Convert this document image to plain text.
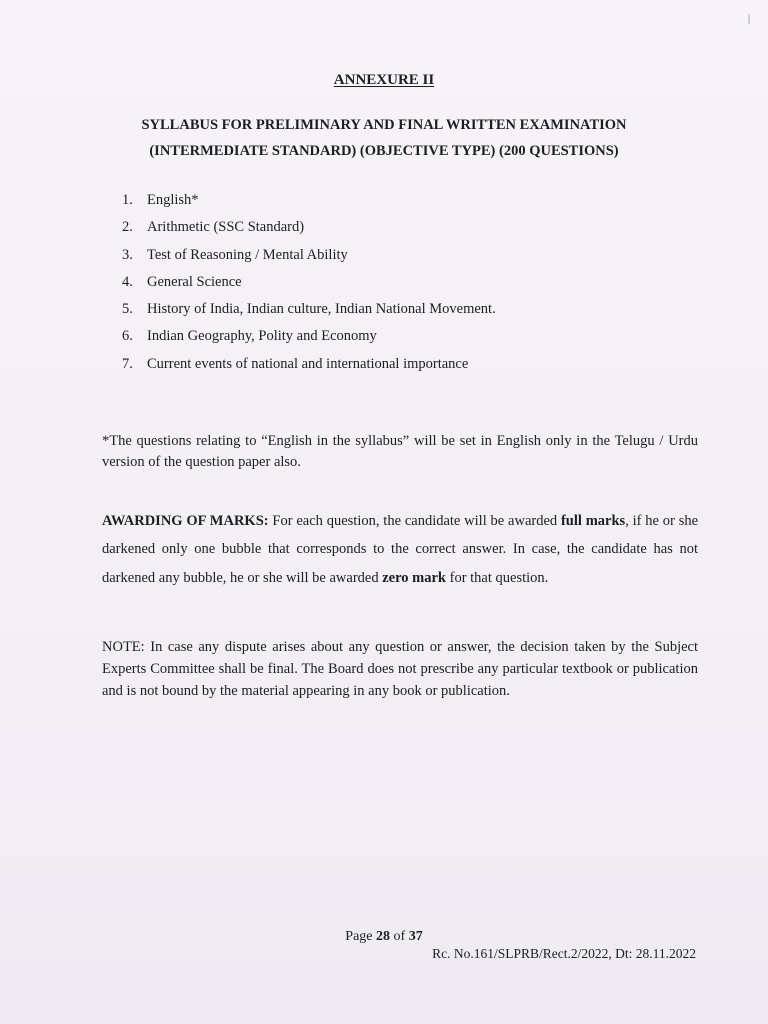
ANNEXURE II
SYLLABUS FOR PRELIMINARY AND FINAL WRITTEN EXAMINATION
(INTERMEDIATE STANDARD) (OBJECTIVE TYPE) (200 QUESTIONS)
1. English*
2. Arithmetic (SSC Standard)
3. Test of Reasoning / Mental Ability
4. General Science
5. History of India, Indian culture, Indian National Movement.
6. Indian Geography, Polity and Economy
7. Current events of national and international importance

*The questions relating to “English in the syllabus” will be set in English only in the Telugu / Urdu version of the question paper also.

AWARDING OF MARKS: For each question, the candidate will be awarded full marks, if he or she darkened only one bubble that corresponds to the correct answer. In case, the candidate has not darkened any bubble, he or she will be awarded zero mark for that question.

NOTE: In case any dispute arises about any question or answer, the decision taken by the Subject Experts Committee shall be final. The Board does not prescribe any particular textbook or publication and is not bound by the material appearing in any book or publication.

Page 28 of 37
Rc. No.161/SLPRB/Rect.2/2022, Dt: 28.11.2022
